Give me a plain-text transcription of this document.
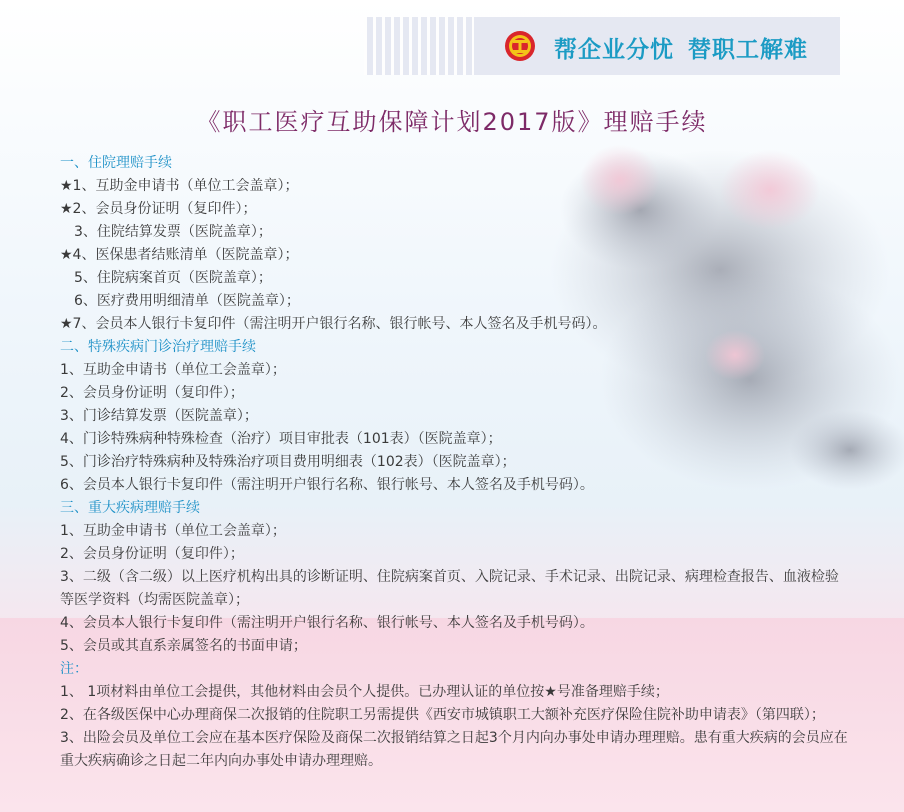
帮企业分忧 替职工解难
《职工医疗互助保障计划2017版》理赔手续
一、住院理赔手续
★1、互助金申请书（单位工会盖章）；
★2、会员身份证明（复印件）；
3、住院结算发票（医院盖章）；
★4、医保患者结账清单（医院盖章）；
5、住院病案首页（医院盖章）；
6、医疗费用明细清单（医院盖章）；
★7、会员本人银行卡复印件（需注明开户银行名称、银行帐号、本人签名及手机号码）。
二、特殊疾病门诊治疗理赔手续
1、互助金申请书（单位工会盖章）；
2、会员身份证明（复印件）；
3、门诊结算发票（医院盖章）；
4、门诊特殊病种特殊检查（治疗）项目审批表（101表）（医院盖章）；
5、门诊治疗特殊病种及特殊治疗项目费用明细表（102表）（医院盖章）；
6、会员本人银行卡复印件（需注明开户银行名称、银行帐号、本人签名及手机号码）。
三、重大疾病理赔手续
1、互助金申请书（单位工会盖章）；
2、会员身份证明（复印件）；
3、二级（含二级）以上医疗机构出具的诊断证明、住院病案首页、入院记录、手术记录、出院记录、病理检查报告、血液检验等医学资料（均需医院盖章）；
4、会员本人银行卡复印件（需注明开户银行名称、银行帐号、本人签名及手机号码）。
5、会员或其直系亲属签名的书面申请；
注：
1、 1项材料由单位工会提供，其他材料由会员个人提供。已办理认证的单位按★号准备理赔手续；
2、在各级医保中心办理商保二次报销的住院职工另需提供《西安市城镇职工大额补充医疗保险住院补助申请表》（第四联）；
3、出险会员及单位工会应在基本医疗保险及商保二次报销结算之日起3个月内向办事处申请办理理赔。患有重大疾病的会员应在重大疾病确诊之日起二年内向办事处申请办理理赔。
